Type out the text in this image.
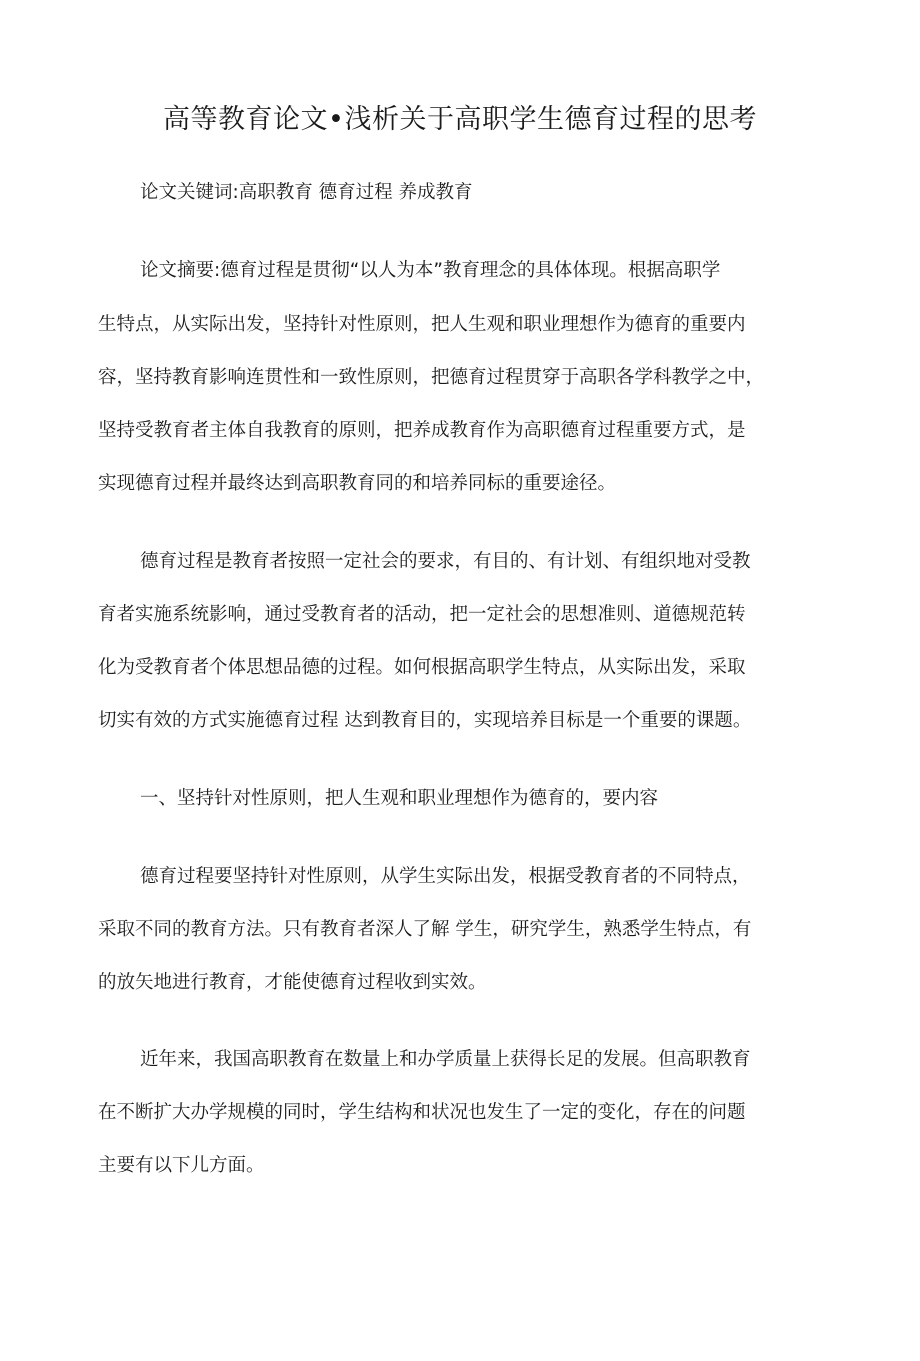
高等教育论文•浅析关于高职学生德育过程的思考

论文关键词:高职教育 德育过程 养成教育

论文摘要:德育过程是贯彻“以人为本”教育理念的具体体现。根据高职学

生特点，从实际出发，坚持针对性原则，把人生观和职业理想作为德育的重要内

容，坚持教育影响连贯性和一致性原则，把德育过程贯穿于高职各学科教学之中，

坚持受教育者主体自我教育的原则，把养成教育作为高职德育过程重要方式，是

实现德育过程并最终达到高职教育同的和培养同标的重要途径。

德育过程是教育者按照一定社会的要求，有目的、有计划、有组织地对受教

育者实施系统影响，通过受教育者的活动，把一定社会的思想准则、道德规范转

化为受教育者个体思想品德的过程。如何根据高职学生特点，从实际出发，采取

切实有效的方式实施德育过程 达到教育目的，实现培养目标是一个重要的课题。

一、坚持针对性原则，把人生观和职业理想作为德育的，要内容

德育过程要坚持针对性原则，从学生实际出发，根据受教育者的不同特点，

采取不同的教育方法。只有教育者深人了解 学生，研究学生，熟悉学生特点，有

的放矢地进行教育，才能使德育过程收到实效。

近年来，我国高职教育在数量上和办学质量上获得长足的发展。但高职教育

在不断扩大办学规模的同时，学生结构和状况也发生了一定的变化，存在的问题

主要有以下儿方面。
